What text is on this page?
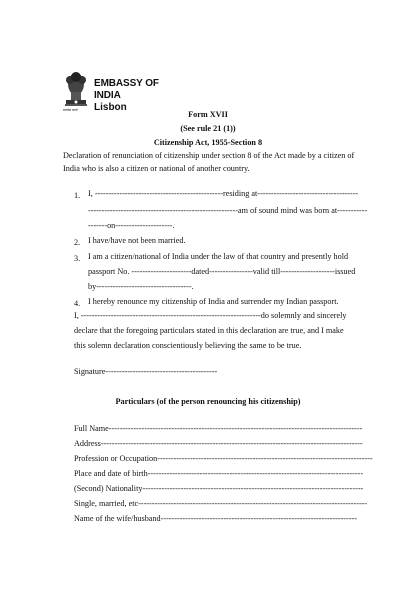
सत्यमेव जयते
EMBASSY OF INDIA
Lisbon
Form XVII
(See rule 21 (1))
Citizenship Act, 1955-Section 8
Declaration of renunciation of citizenship under section 8 of the Act made by a citizen of
India who is also a citizen or national of another country.
1. I, -----------------------------------------------residing at-------------------------------------
-------------------------------------------------------am of sound mind was born at-----------
-------on---------------------.
2. I have/have not been married.
3. I am a citizen/national of India under the law of that country and presently hold
passport No. ----------------------dated----------------valid till--------------------issued
by-----------------------------------.
4. I hereby renounce my citizenship of India and surrender my Indian passport.
I, ------------------------------------------------------------------do solemnly and sincerely
declare that the foregoing particulars stated in this declaration are true, and I make
this solemn declaration conscientiously believing the same to be true.
Signature-----------------------------------------
Particulars (of the person renouncing his citizenship)
Full Name---------------------------------------------------------------------------------------------
Address------------------------------------------------------------------------------------------------
Profession or Occupation-------------------------------------------------------------------------------
Place and date of birth-------------------------------------------------------------------------------
(Second) Nationality---------------------------------------------------------------------------------
Single, married, etc------------------------------------------------------------------------------------
Name of the wife/husband------------------------------------------------------------------------
